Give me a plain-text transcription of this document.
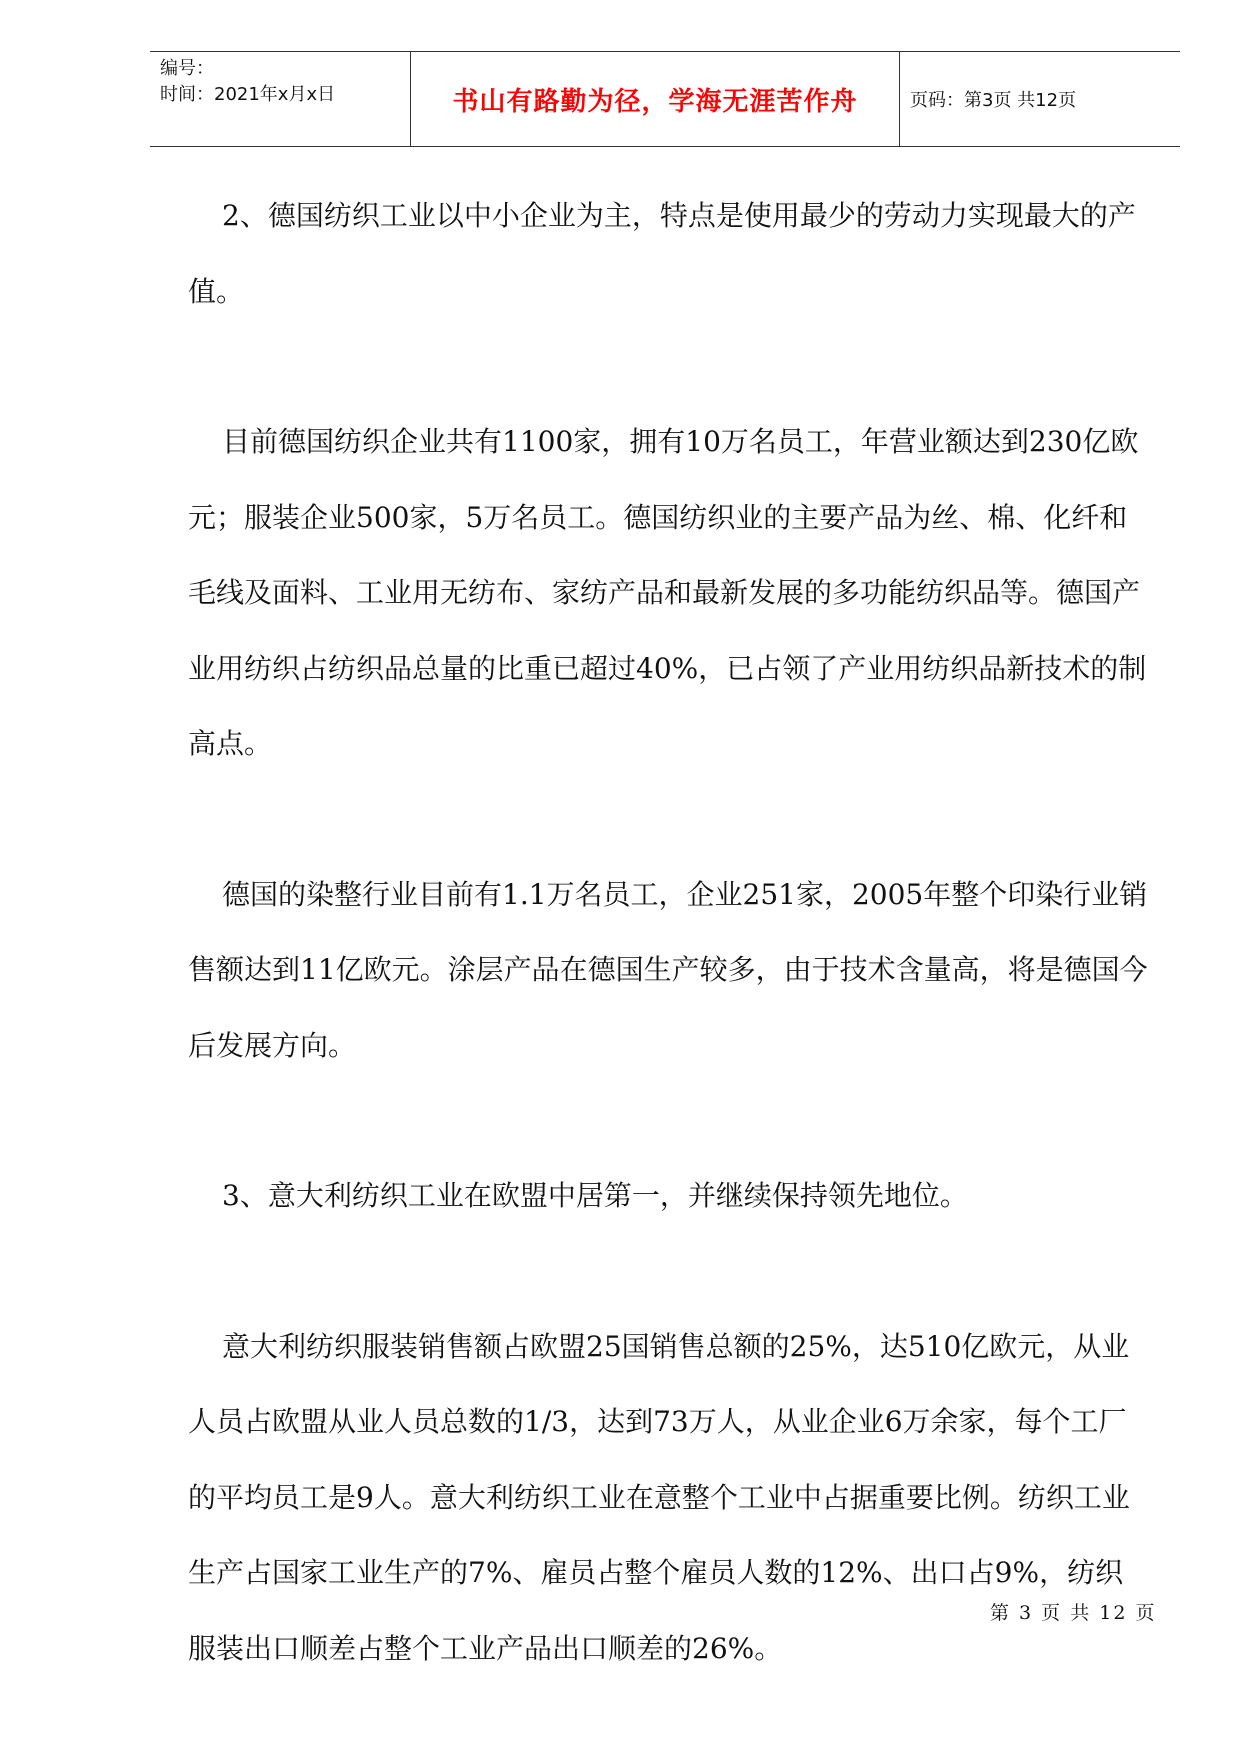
编号：
时间：2021年x月x日	书山有路勤为径，学海无涯苦作舟	页码：第3页 共12页

2、德国纺织工业以中小企业为主，特点是使用最少的劳动力实现最大的产值。

目前德国纺织企业共有1100家，拥有10万名员工，年营业额达到230亿欧元；服装企业500家，5万名员工。德国纺织业的主要产品为丝、棉、化纤和毛线及面料、工业用无纺布、家纺产品和最新发展的多功能纺织品等。德国产业用纺织占纺织品总量的比重已超过40%，已占领了产业用纺织品新技术的制高点。

德国的染整行业目前有1.1万名员工，企业251家，2005年整个印染行业销售额达到11亿欧元。涂层产品在德国生产较多，由于技术含量高，将是德国今后发展方向。

3、意大利纺织工业在欧盟中居第一，并继续保持领先地位。

意大利纺织服装销售额占欧盟25国销售总额的25%，达510亿欧元，从业人员占欧盟从业人员总数的1/3，达到73万人，从业企业6万余家，每个工厂的平均员工是9人。意大利纺织工业在意整个工业中占据重要比例。纺织工业生产占国家工业生产的7%、雇员占整个雇员人数的12%、出口占9%，纺织服装出口顺差占整个工业产品出口顺差的26%。

第 3 页 共 12 页
